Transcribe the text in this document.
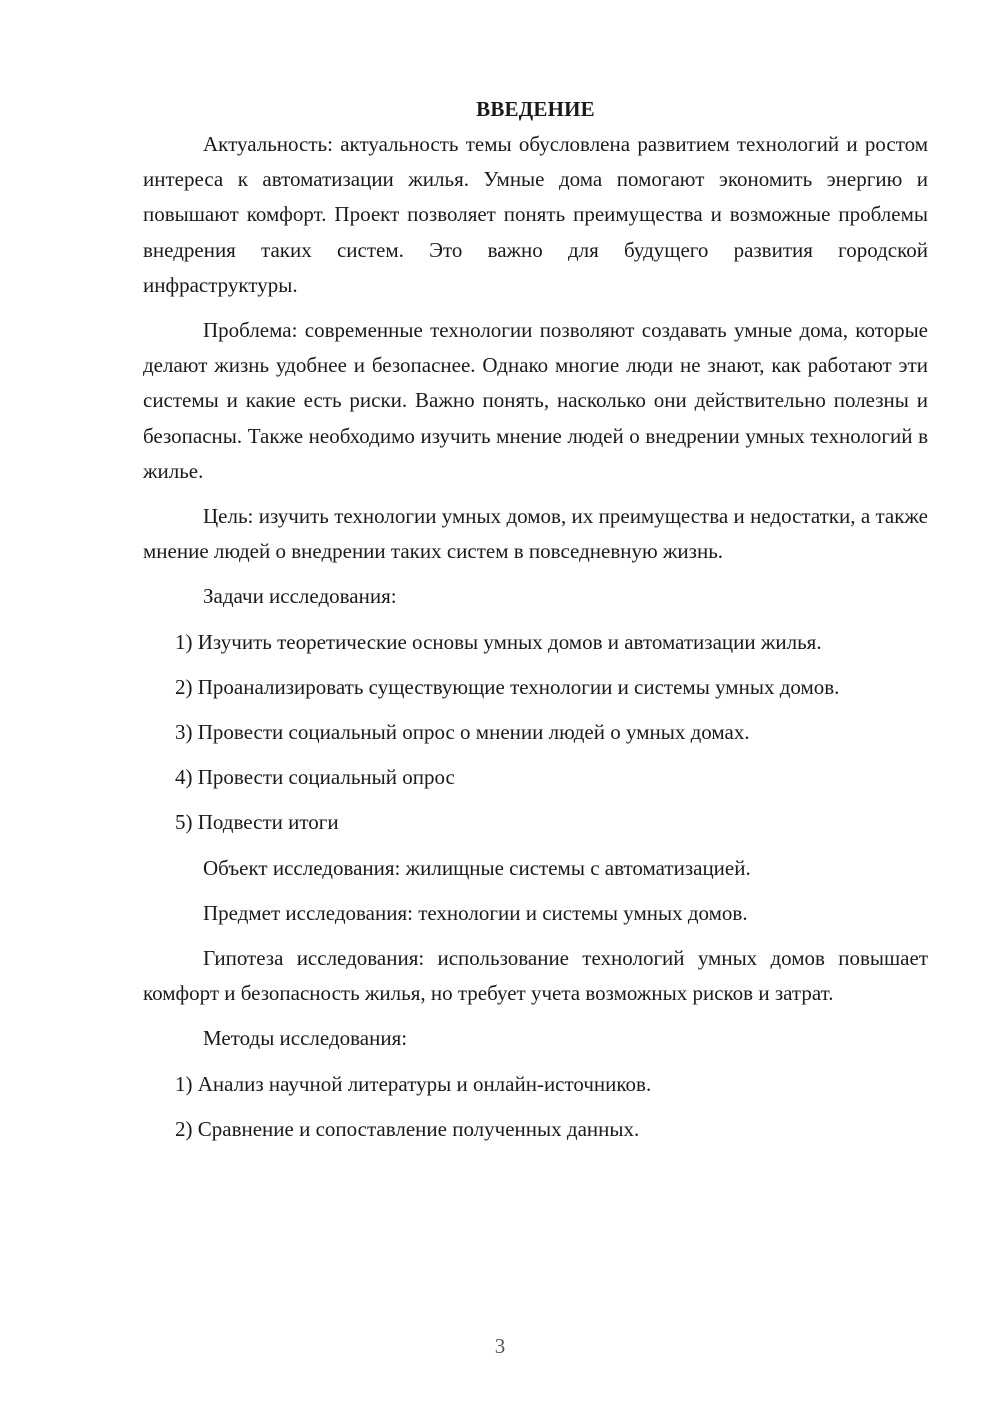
ВВЕДЕНИЕ

Актуальность: актуальность темы обусловлена развитием технологий и ростом интереса к автоматизации жилья. Умные дома помогают экономить энергию и повышают комфорт. Проект позволяет понять преимущества и возможные проблемы внедрения таких систем. Это важно для будущего развития городской инфраструктуры.

Проблема: современные технологии позволяют создавать умные дома, которые делают жизнь удобнее и безопаснее. Однако многие люди не знают, как работают эти системы и какие есть риски. Важно понять, насколько они действительно полезны и безопасны. Также необходимо изучить мнение людей о внедрении умных технологий в жилье.

Цель: изучить технологии умных домов, их преимущества и недостатки, а также мнение людей о внедрении таких систем в повседневную жизнь.

Задачи исследования:

1) Изучить теоретические основы умных домов и автоматизации жилья.

2) Проанализировать существующие технологии и системы умных домов.

3) Провести социальный опрос о мнении людей о умных домах.

4) Провести социальный опрос

5) Подвести итоги

Объект исследования: жилищные системы с автоматизацией.

Предмет исследования: технологии и системы умных домов.

Гипотеза исследования: использование технологий умных домов повышает комфорт и безопасность жилья, но требует учета возможных рисков и затрат.

Методы исследования:

1) Анализ научной литературы и онлайн-источников.

2) Сравнение и сопоставление полученных данных.

3
